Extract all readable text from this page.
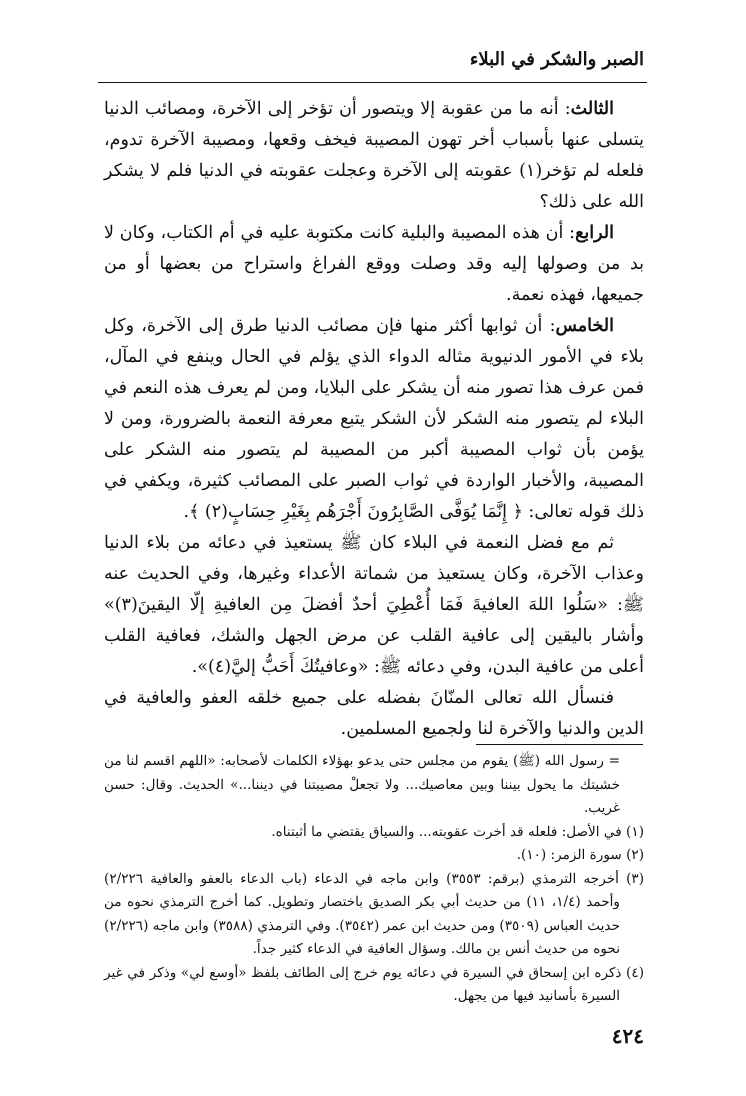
الصبر والشكر في البلاء

الثالث: أنه ما من عقوبة إلا ويتصور أن تؤخر إلى الآخرة، ومصائب الدنيا يتسلى عنها بأسباب أخر تهون المصيبة فيخف وقعها، ومصيبة الآخرة تدوم، فلعله لم تؤخر(١) عقوبته إلى الآخرة وعجلت عقوبته في الدنيا فلم لا يشكر الله على ذلك؟

الرابع: أن هذه المصيبة والبلية كانت مكتوبة عليه في أم الكتاب، وكان لا بد من وصولها إليه وقد وصلت ووقع الفراغ واستراح من بعضها أو من جميعها، فهذه نعمة.

الخامس: أن ثوابها أكثر منها فإن مصائب الدنيا طرق إلى الآخرة، وكل بلاء في الأمور الدنيوية مثاله الدواء الذي يؤلم في الحال وينفع في المآل، فمن عرف هذا تصور منه أن يشكر على البلايا، ومن لم يعرف هذه النعم في البلاء لم يتصور منه الشكر لأن الشكر يتبع معرفة النعمة بالضرورة، ومن لا يؤمن بأن ثواب المصيبة أكبر من المصيبة لم يتصور منه الشكر على المصيبة، والأخبار الواردة في ثواب الصبر على المصائب كثيرة، ويكفي في ذلك قوله تعالى: ﴿ إِنَّمَا يُوَفَّى الصَّابِرُونَ أَجْرَهُم بِغَيْرِ حِسَابٍ(٢) ﴾.

ثم مع فضل النعمة في البلاء كان ﷺ يستعيذ في دعائه من بلاء الدنيا وعذاب الآخرة، وكان يستعيذ من شماتة الأعداء وغيرها، وفي الحديث عنه ﷺ: «سَلُوا اللهَ العافيةَ فَمَا أُعْطِيَ أحدٌ أفضلَ مِن العافيةِ إلّا اليقينَ(٣)» وأشار باليقين إلى عافية القلب عن مرض الجهل والشك، فعافية القلب أعلى من عافية البدن، وفي دعائه ﷺ: «وعافيتُكَ أَحَبُّ إليَّ(٤)».

فنسأل الله تعالى المنّانَ بفضله على جميع خلقه العفو والعافية في الدين والدنيا والآخرة لنا ولجميع المسلمين.

= رسول الله (ﷺ) يقوم من مجلس حتى يدعو بهؤلاء الكلمات لأصحابه: «اللهم اقسم لنا من خشيتك ما يحول بيننا وبين معاصيك... ولا تجعلْ مصيبتنا في ديننا...» الحديث. وقال: حسن غريب.

(١) في الأصل: فلعله قد أخرت عقوبته... والسياق يقتضي ما أثبتناه.

(٢) سورة الزمر: (١٠).

(٣) أخرجه الترمذي (برقم: ٣٥٥٣) وابن ماجه في الدعاء (باب الدعاء بالعفو والعافية ٢/٢٢٦) وأحمد (١/٤، ١١) من حديث أبي بكر الصديق باختصار وتطويل. كما أخرج الترمذي نحوه من حديث العباس (٣٥٠٩) ومن حديث ابن عمر (٣٥٤٢). وفي الترمذي (٣٥٨٨) وابن ماجه (٢/٢٢٦) نحوه من حديث أنس بن مالك. وسؤال العافية في الدعاء كثير جداً.

(٤) ذكره ابن إسحاق في السيرة في دعائه يوم خرج إلى الطائف بلفظ «أوسع لي» وذكر في غير السيرة بأسانيد فيها من يجهل.

٤٢٤
